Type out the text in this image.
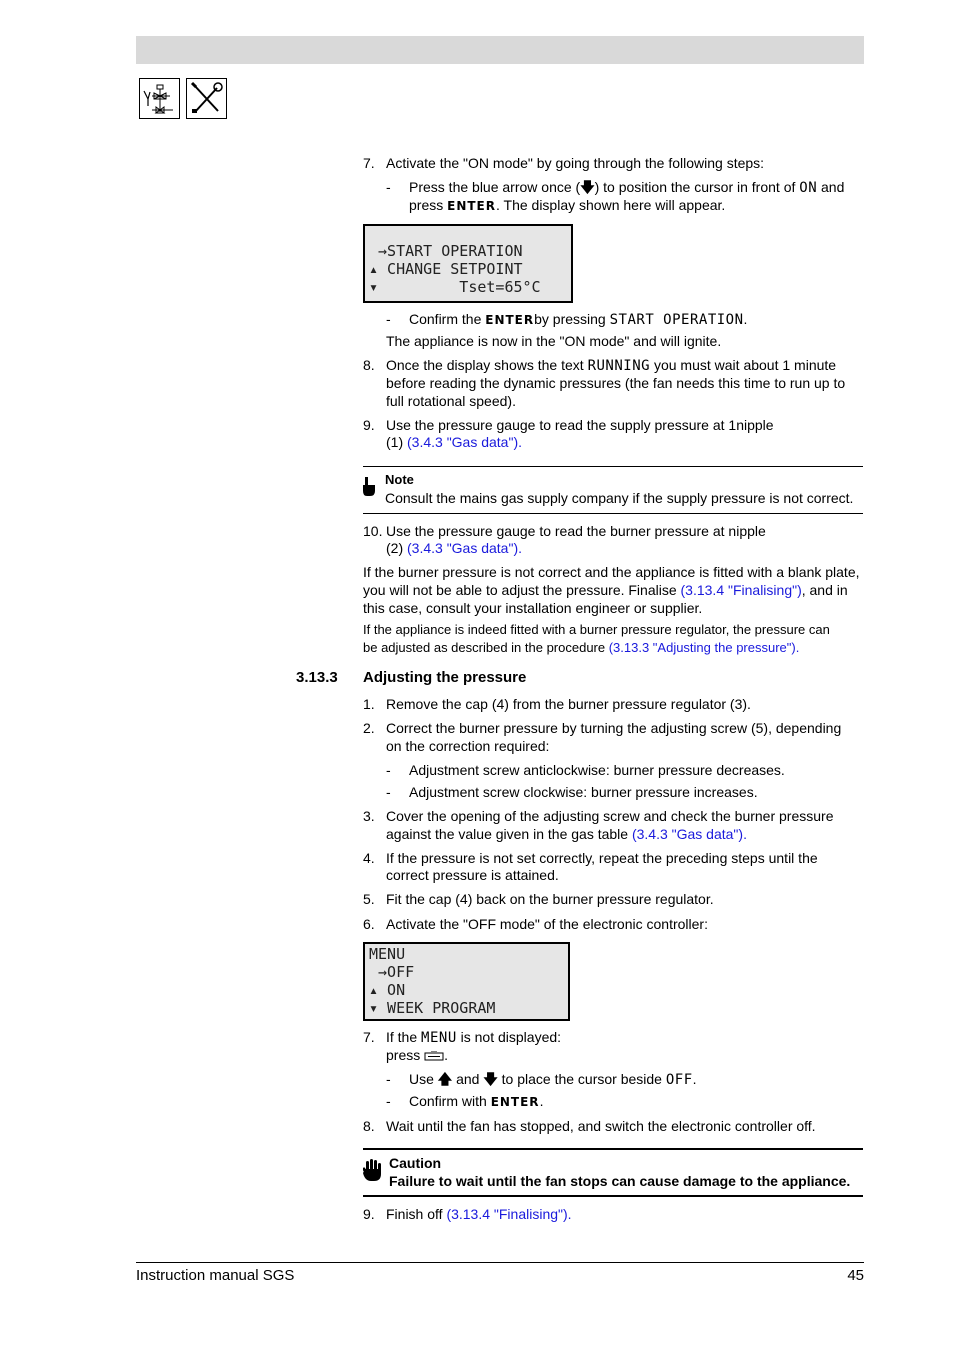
7. Activate the "ON mode" by going through the following steps:
- Press the blue arrow once (🡇) to position the cursor in front of ON and
press ENTER. The display shown here will appear.
→START OPERATION
▴ CHANGE SETPOINT
▾         Tset=65°C
- Confirm the ENTERby pressing START OPERATION.
The appliance is now in the "ON mode" and will ignite.
8. Once the display shows the text RUNNING you must wait about 1 minute
before reading the dynamic pressures (the fan needs this time to run up to
full rotational speed).
9. Use the pressure gauge to read the supply pressure at 1nipple
(1) (3.4.3 "Gas data").
Note
Consult the mains gas supply company if the supply pressure is not correct.
10. Use the pressure gauge to read the burner pressure at nipple
(2) (3.4.3 "Gas data").
If the burner pressure is not correct and the appliance is fitted with a blank plate,
you will not be able to adjust the pressure. Finalise (3.13.4 "Finalising"), and in
this case, consult your installation engineer or supplier.
If the appliance is indeed fitted with a burner pressure regulator, the pressure can
be adjusted as described in the procedure (3.13.3 "Adjusting the pressure").
3.13.3 Adjusting the pressure
1. Remove the cap (4) from the burner pressure regulator (3).
2. Correct the burner pressure by turning the adjusting screw (5), depending
on the correction required:
- Adjustment screw anticlockwise: burner pressure decreases.
- Adjustment screw clockwise: burner pressure increases.
3. Cover the opening of the adjusting screw and check the burner pressure
against the value given in the gas table (3.4.3 "Gas data").
4. If the pressure is not set correctly, repeat the preceding steps until the
correct pressure is attained.
5. Fit the cap (4) back on the burner pressure regulator.
6. Activate the "OFF mode" of the electronic controller:
MENU
→OFF
▴ ON
▾ WEEK PROGRAM
7. If the MENU is not displayed:
press .
- Use 🡅 and 🡇 to place the cursor beside OFF.
- Confirm with ENTER.
8. Wait until the fan has stopped, and switch the electronic controller off.
Caution
Failure to wait until the fan stops can cause damage to the appliance.
9. Finish off (3.13.4 "Finalising").
Instruction manual SGS	45
